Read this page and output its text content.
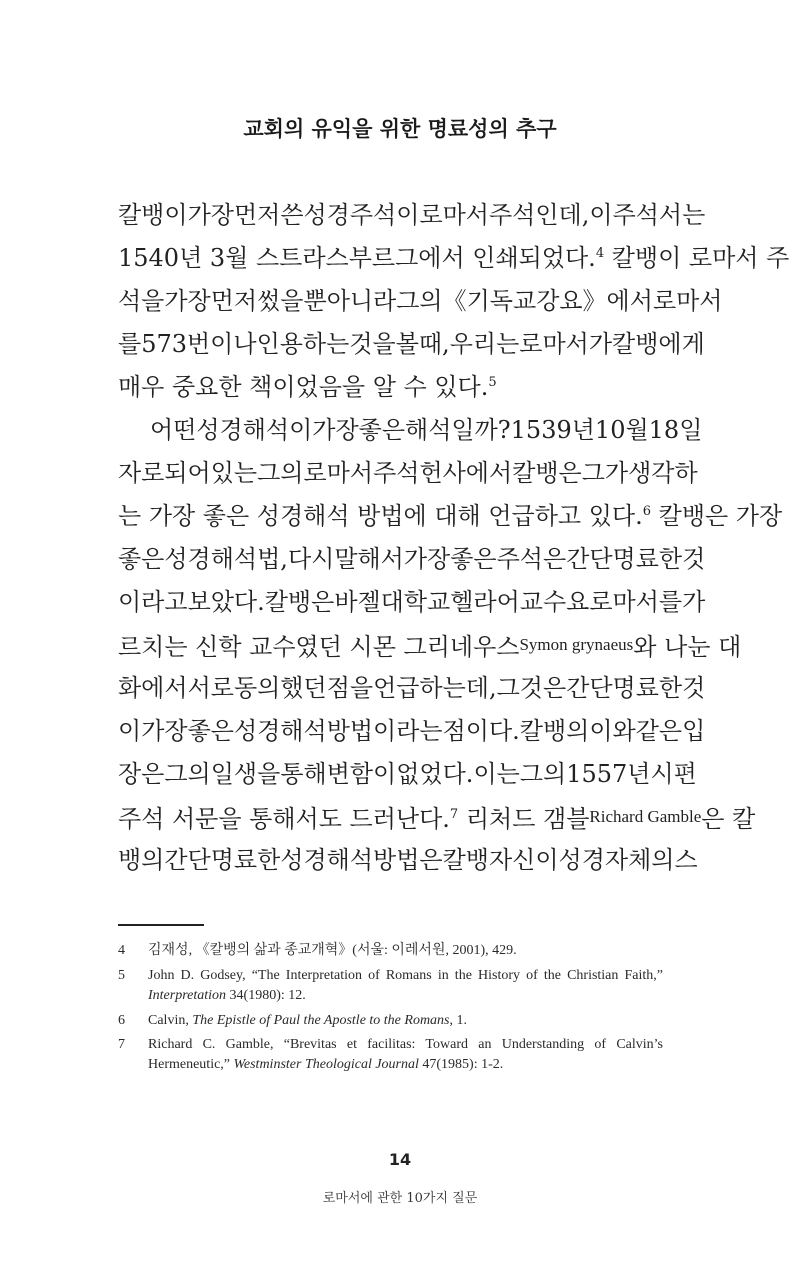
교회의 유익을 위한 명료성의 추구
칼뱅이 가장 먼저 쓴 성경 주석이 로마서 주석인데, 이 주석서는
1540년 3월 스트라스부르그에서 인쇄되었다.$^4$ 칼뱅이 로마서 주
석을 가장 먼저 썼을 뿐 아니라 그의 《기독교 강요》에서 로마서
를 573번이나 인용하는 것을 볼 때, 우리는 로마서가 칼뱅에게
매우 중요한 책이었음을 알 수 있다.$^5$
어떤 성경해석이 가장 좋은 해석일까? 1539년 10월 18일
자로 되어 있는 그의 로마서 주석 헌사에서 칼뱅은 그가 생각하
는 가장 좋은 성경해석 방법에 대해 언급하고 있다.$^6$ 칼뱅은 가장
좋은 성경해석법, 다시 말해서 가장 좋은 주석은 간단명료한 것
이라고 보았다. 칼뱅은 바젤대학교 헬라어 교수요 로마서를 가
르치는 신학 교수였던 시몬 그리네우스$^{Symon grynaeus}$와 나눈 대
화에서 서로 동의했던 점을 언급하는데, 그것은 간단명료한 것
이 가장 좋은 성경해석 방법이라는 점이다. 칼뱅의 이와 같은 입
장은 그의 일생을 통해 변함이 없었다. 이는 그의 1557년 시편
주석 서문을 통해서도 드러난다.$^7$ 리처드 갬블$^{Richard Gamble}$은 칼
뱅의 간단명료한 성경해석 방법은 칼뱅 자신이 성경 자체의 스
4 김재성, 《칼뱅의 삶과 종교개혁》(서울: 이레서원, 2001), 429.
5 John D. Godsey, “The Interpretation of Romans in the History of the Christian Faith,” Interpretation 34(1980): 12.
6 Calvin, The Epistle of Paul the Apostle to the Romans, 1.
7 Richard C. Gamble, “Brevitas et facilitas: Toward an Understanding of Calvin’s Hermeneutic,” Westminster Theological Journal 47(1985): 1-2.
14
로마서에 관한 10가지 질문
